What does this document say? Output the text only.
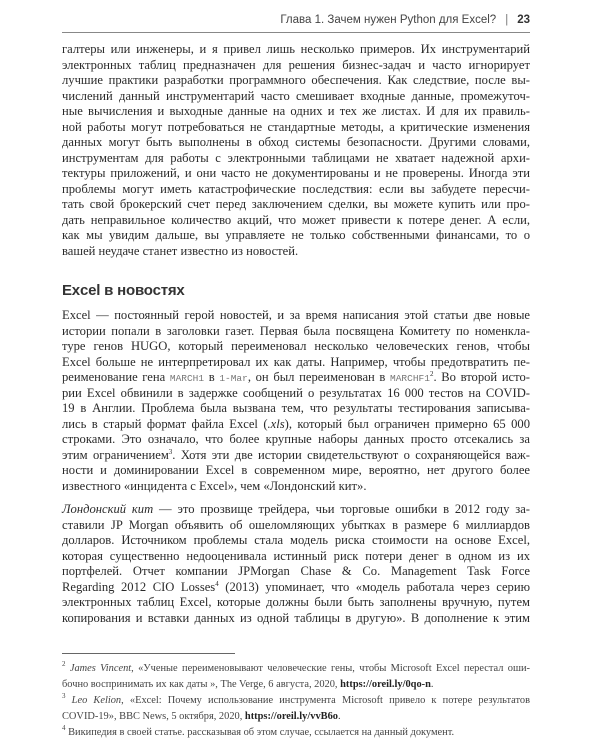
Глава 1. Зачем нужен Python для Excel? | 23
галтеры или инженеры, и я привел лишь несколько примеров. Их инструментарий
электронных таблиц предназначен для решения бизнес-задач и часто игнорирует
лучшие практики разработки программного обеспечения. Как следствие, после вы-
числений данный инструментарий часто смешивает входные данные, промежуточ-
ные вычисления и выходные данные на одних и тех же листах. И для их правиль-
ной работы могут потребоваться не стандартные методы, а критические изменения
данных могут быть выполнены в обход системы безопасности. Другими словами,
инструментам для работы с электронными таблицами не хватает надежной архи-
тектуры приложений, и они часто не документированы и не проверены. Иногда эти
проблемы могут иметь катастрофические последствия: если вы забудете пересчи-
тать свой брокерский счет перед заключением сделки, вы можете купить или про-
дать неправильное количество акций, что может привести к потере денег. А если,
как мы увидим дальше, вы управляете не только собственными финансами, то о
вашей неудаче станет известно из новостей.
Excel в новостях
Excel — постоянный герой новостей, и за время написания этой статьи две новые
истории попали в заголовки газет. Первая была посвящена Комитету по номенкла-
туре генов HUGO, который переименовал несколько человеческих генов, чтобы
Excel больше не интерпретировал их как даты. Например, чтобы предотвратить пе-
реименование гена MARCH1 в 1-Mar, он был переименован в $MARCHF1^2$. Во второй исто-
рии Excel обвинили в задержке сообщений о результатах 16 000 тестов на COVID-
19 в Англии. Проблема была вызвана тем, что результаты тестирования записыва-
лись в старый формат файла Excel (.xls), который был ограничен примерно 65 000
строками. Это означало, что более крупные наборы данных просто отсекались за
этим ограничением$^3$. Хотя эти две истории свидетельствуют о сохраняющейся важ-
ности и доминировании Excel в современном мире, вероятно, нет другого более
известного «инцидента с Excel», чем «Лондонский кит».
Лондонский кит — это прозвище трейдера, чьи торговые ошибки в 2012 году за-
ставили JP Morgan объявить об ошеломляющих убытках в размере 6 миллиардов
долларов. Источником проблемы стала модель риска стоимости на основе Excel,
которая существенно недооценивала истинный риск потери денег в одном из их
портфелей. Отчет компании JPMorgan Chase & Co. Management Task Force
Regarding 2012 CIO Losses$^4$ (2013) упоминает, что «модель работала через серию
электронных таблиц Excel, которые должны были быть заполнены вручную, путем
копирования и вставки данных из одной таблицы в другую». В дополнение к этим
$^2$ James Vincent, «Ученые переименовывают человеческие гены, чтобы Microsoft Excel перестал оши-
бочно воспринимать их как даты », The Verge, 6 августа, 2020, https://oreil.ly/0qo-n.
$^3$ Leo Kelion, «Excel: Почему использование инструмента Microsoft привело к потере результатов
COVID-19», BBC News, 5 октября, 2020, https://oreil.ly/vvB6o.
$^4$ Википедия в своей статье. рассказывая об этом случае, ссылается на данный документ.
